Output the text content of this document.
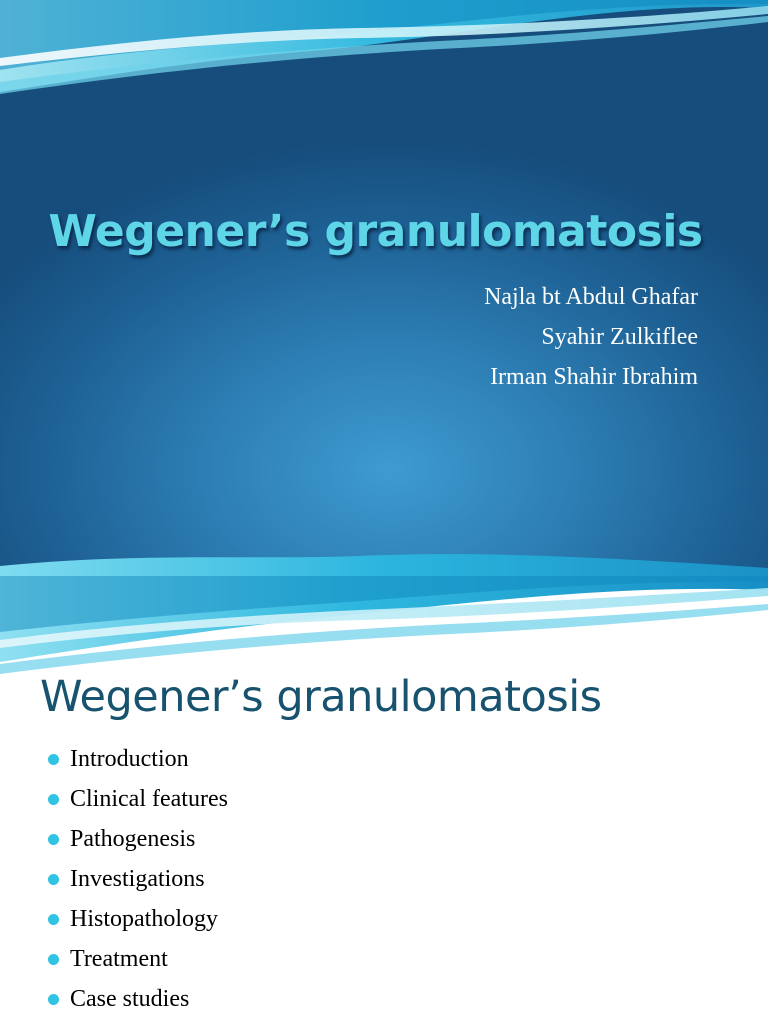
Wegener’s granulomatosis
Najla bt Abdul Ghafar
Syahir Zulkiflee
Irman Shahir Ibrahim
Wegener’s granulomatosis
Introduction
Clinical features
Pathogenesis
Investigations
Histopathology
Treatment
Case studies
